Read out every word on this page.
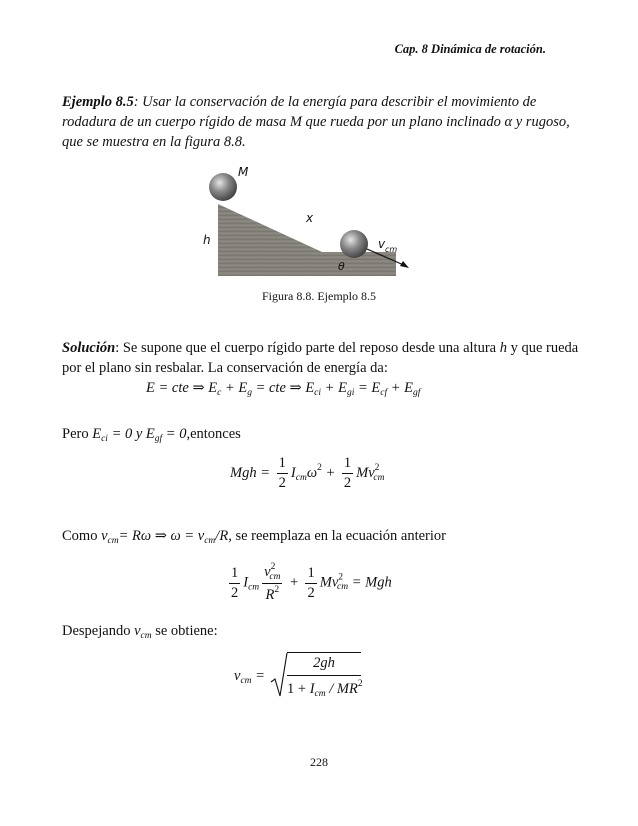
Cap. 8 Dinámica de rotación.
Ejemplo 8.5: Usar la conservación de la energía para describir el movimiento de rodadura de un cuerpo rígido de masa M que rueda por un plano inclinado α y rugoso, que se muestra en la figura 8.8.
M
h
x
v cm
θ
Figura 8.8. Ejemplo 8.5
Solución: Se supone que el cuerpo rígido parte del reposo desde una altura h y que rueda por el plano sin resbalar. La conservación de energía da:
E = cte ⇒ $E_c + E_g$ = cte ⇒ $E_{ci} + E_{gi} = E_{cf} + E_{gf}$
Pero $E_{ci} = 0$ y $E_{gf}$ = 0,entonces
Mgh = $\frac{1}{2} I_{cm}\omega^2 + \frac{1}{2} Mv^2_{cm}$
Como $v_{cm}= R\omega$ ⇒ $\omega = v_{cm}/R$, se reemplaza en la ecuación anterior
$\frac{1}{2} I_{cm} \frac{v^2_{cm}}{R^2} + \frac{1}{2} Mv^2_{cm}$ = Mgh
Despejando $v_{cm}$ se obtiene:
$v_{cm}$ =
2gh
$1 + I_{cm} / MR^2$
228
